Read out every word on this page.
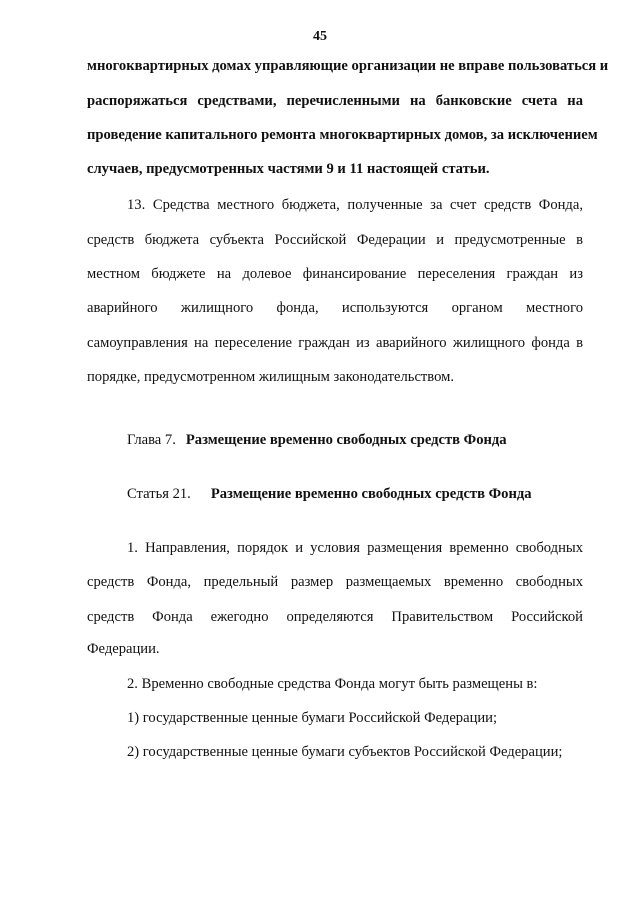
45
многоквартирных домах управляющие организации не вправе пользоваться и
распоряжаться средствами, перечисленными на банковские счета на
проведение капитального ремонта многоквартирных домов, за исключением
случаев, предусмотренных частями 9 и 11 настоящей статьи.
13. Средства местного бюджета, полученные за счет средств Фонда,
средств бюджета субъекта Российской Федерации и предусмотренные в
местном бюджете на долевое финансирование переселения граждан из
аварийного жилищного фонда, используются органом местного
самоуправления на переселение граждан из аварийного жилищного фонда в
порядке, предусмотренном жилищным законодательством.
Глава 7. Размещение временно свободных средств Фонда
Статья 21. Размещение временно свободных средств Фонда
1. Направления, порядок и условия размещения временно свободных
средств Фонда, предельный размер размещаемых временно свободных
средств Фонда ежегодно определяются Правительством Российской
Федерации.
2. Временно свободные средства Фонда могут быть размещены в:
1) государственные ценные бумаги Российской Федерации;
2) государственные ценные бумаги субъектов Российской Федерации;
